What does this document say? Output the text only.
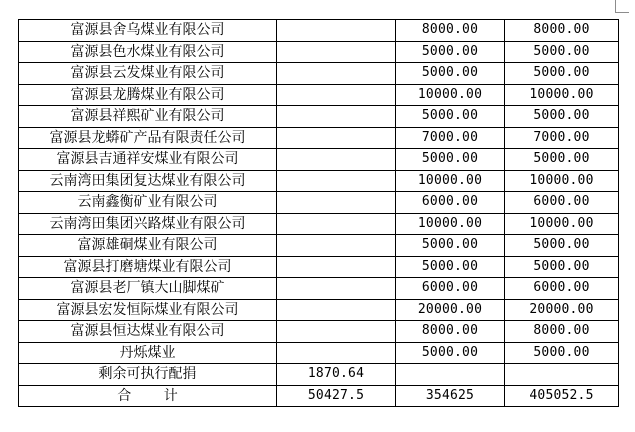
富源县舍乌煤业有限公司		8000.00	8000.00
富源县色水煤业有限公司		5000.00	5000.00
富源县云发煤业有限公司		5000.00	5000.00
富源县龙腾煤业有限公司		10000.00	10000.00
富源县祥熙矿业有限公司		5000.00	5000.00
富源县龙蟒矿产品有限责任公司		7000.00	7000.00
富源县吉通祥安煤业有限公司		5000.00	5000.00
云南湾田集团复达煤业有限公司		10000.00	10000.00
云南鑫衡矿业有限公司		6000.00	6000.00
云南湾田集团兴路煤业有限公司		10000.00	10000.00
富源雄硐煤业有限公司		5000.00	5000.00
富源县打磨塘煤业有限公司		5000.00	5000.00
富源县老厂镇大山脚煤矿		6000.00	6000.00
富源县宏发恒际煤业有限公司		20000.00	20000.00
富源县恒达煤业有限公司		8000.00	8000.00
丹烁煤业		5000.00	5000.00
剩余可执行配捐	1870.64		
合 计	50427.5	354625	405052.5
